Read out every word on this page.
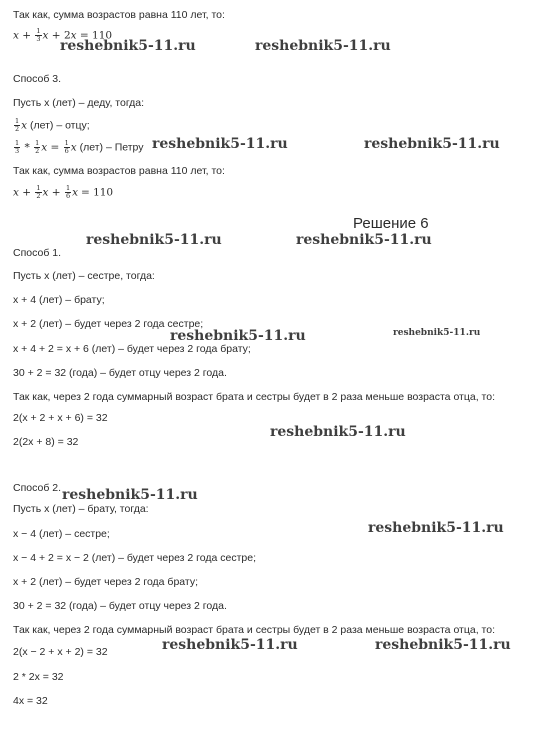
Так как, сумма возрастов равна 110 лет, то:
$x + \frac{1}{3}$ x + 2x = 110
Способ 3.
Пусть x (лет) – деду, тогда:
$\frac{1}{2}$ x (лет) – отцу;
$\frac{1}{3} * \frac{1}{2}$ $x = \frac{1}{6}$ x (лет) – Петру
Так как, сумма возрастов равна 110 лет, то:
$x + \frac{1}{2}$ $x + \frac{1}{6}$ x = 110
Решение 6
Способ 1.
Пусть x (лет) – сестре, тогда:
x + 4 (лет) – брату;
x + 2 (лет) – будет через 2 года сестре;
x + 4 + 2 = x + 6 (лет) – будет через 2 года брату;
30 + 2 = 32 (года) – будет отцу через 2 года.
Так как, через 2 года суммарный возраст брата и сестры будет в 2 раза меньше возраста отца, то:
2(x + 2 + x + 6) = 32
2(2x + 8) = 32
Способ 2.
Пусть x (лет) – брату, тогда:
x − 4 (лет) – сестре;
x − 4 + 2 = x − 2 (лет) – будет через 2 года сестре;
x + 2 (лет) – будет через 2 года брату;
30 + 2 = 32 (года) – будет отцу через 2 года.
Так как, через 2 года суммарный возраст брата и сестры будет в 2 раза меньше возраста отца, то:
2(x − 2 + x + 2) = 32
2 * 2x = 32
4x = 32
reshebnik5-11.ru	reshebnik5-11.ru
reshebnik5-11.ru	reshebnik5-11.ru
reshebnik5-11.ru	reshebnik5-11.ru
reshebnik5-11.ru	reshebnik5-11.ru
reshebnik5-11.ru
reshebnik5-11.ru
reshebnik5-11.ru
reshebnik5-11.ru	reshebnik5-11.ru
